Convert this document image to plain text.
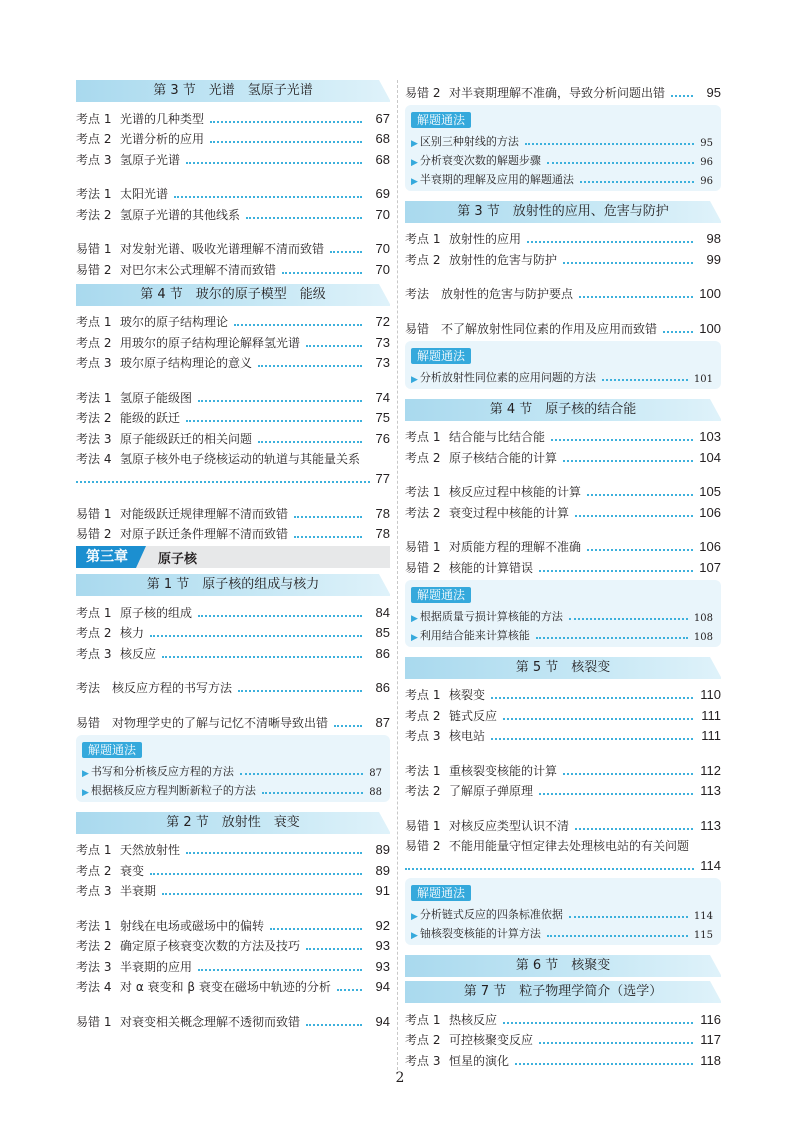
第 3 节　光谱　氢原子光谱
考点 1 光谱的几种类型	67
考点 2 光谱分析的应用	68
考点 3 氢原子光谱	68
考法 1 太阳光谱	69
考法 2 氢原子光谱的其他线系	70
易错 1 对发射光谱、吸收光谱理解不清而致错	70
易错 2 对巴尔末公式理解不清而致错	70
第 4 节　玻尔的原子模型　能级
考点 1 玻尔的原子结构理论	72
考点 2 用玻尔的原子结构理论解释氢光谱	73
考点 3 玻尔原子结构理论的意义	73
考法 1 氢原子能级图	74
考法 2 能级的跃迁	75
考法 3 原子能级跃迁的相关问题	76
考法 4 氢原子核外电子绕核运动的轨道与其能量关系
77
易错 1 对能级跃迁规律理解不清而致错	78
易错 2 对原子跃迁条件理解不清而致错	78
第三章	原子核
第 1 节　原子核的组成与核力
考点 1 原子核的组成	84
考点 2 核力	85
考点 3 核反应	86
考法 核反应方程的书写方法	86
易错 对物理学史的了解与记忆不清晰导致出错	87
解题通法
▶ 书写和分析核反应方程的方法	87
▶ 根据核反应方程判断新粒子的方法	88
第 2 节　放射性　衰变
考点 1 天然放射性	89
考点 2 衰变	89
考点 3 半衰期	91
考法 1 射线在电场或磁场中的偏转	92
考法 2 确定原子核衰变次数的方法及技巧	93
考法 3 半衰期的应用	93
考法 4 对 α 衰变和 β 衰变在磁场中轨迹的分析	94
易错 1 对衰变相关概念理解不透彻而致错	94
易错 2 对半衰期理解不准确，导致分析问题出错	95
解题通法
▶ 区别三种射线的方法	95
▶ 分析衰变次数的解题步骤	96
▶ 半衰期的理解及应用的解题通法	96
第 3 节　放射性的应用、危害与防护
考点 1 放射性的应用	98
考点 2 放射性的危害与防护	99
考法 放射性的危害与防护要点	100
易错 不了解放射性同位素的作用及应用而致错	100
解题通法
▶ 分析放射性同位素的应用问题的方法	101
第 4 节　原子核的结合能
考点 1 结合能与比结合能	103
考点 2 原子核结合能的计算	104
考法 1 核反应过程中核能的计算	105
考法 2 衰变过程中核能的计算	106
易错 1 对质能方程的理解不准确	106
易错 2 核能的计算错误	107
解题通法
▶ 根据质量亏损计算核能的方法	108
▶ 利用结合能来计算核能	108
第 5 节　核裂变
考点 1 核裂变	110
考点 2 链式反应	111
考点 3 核电站	111
考法 1 重核裂变核能的计算	112
考法 2 了解原子弹原理	113
易错 1 对核反应类型认识不清	113
易错 2 不能用能量守恒定律去处理核电站的有关问题
114
解题通法
▶ 分析链式反应的四条标准依据	114
▶ 铀核裂变核能的计算方法	115
第 6 节　核聚变
第 7 节　粒子物理学简介（选学）
考点 1 热核反应	116
考点 2 可控核聚变反应	117
考点 3 恒星的演化	118
2
